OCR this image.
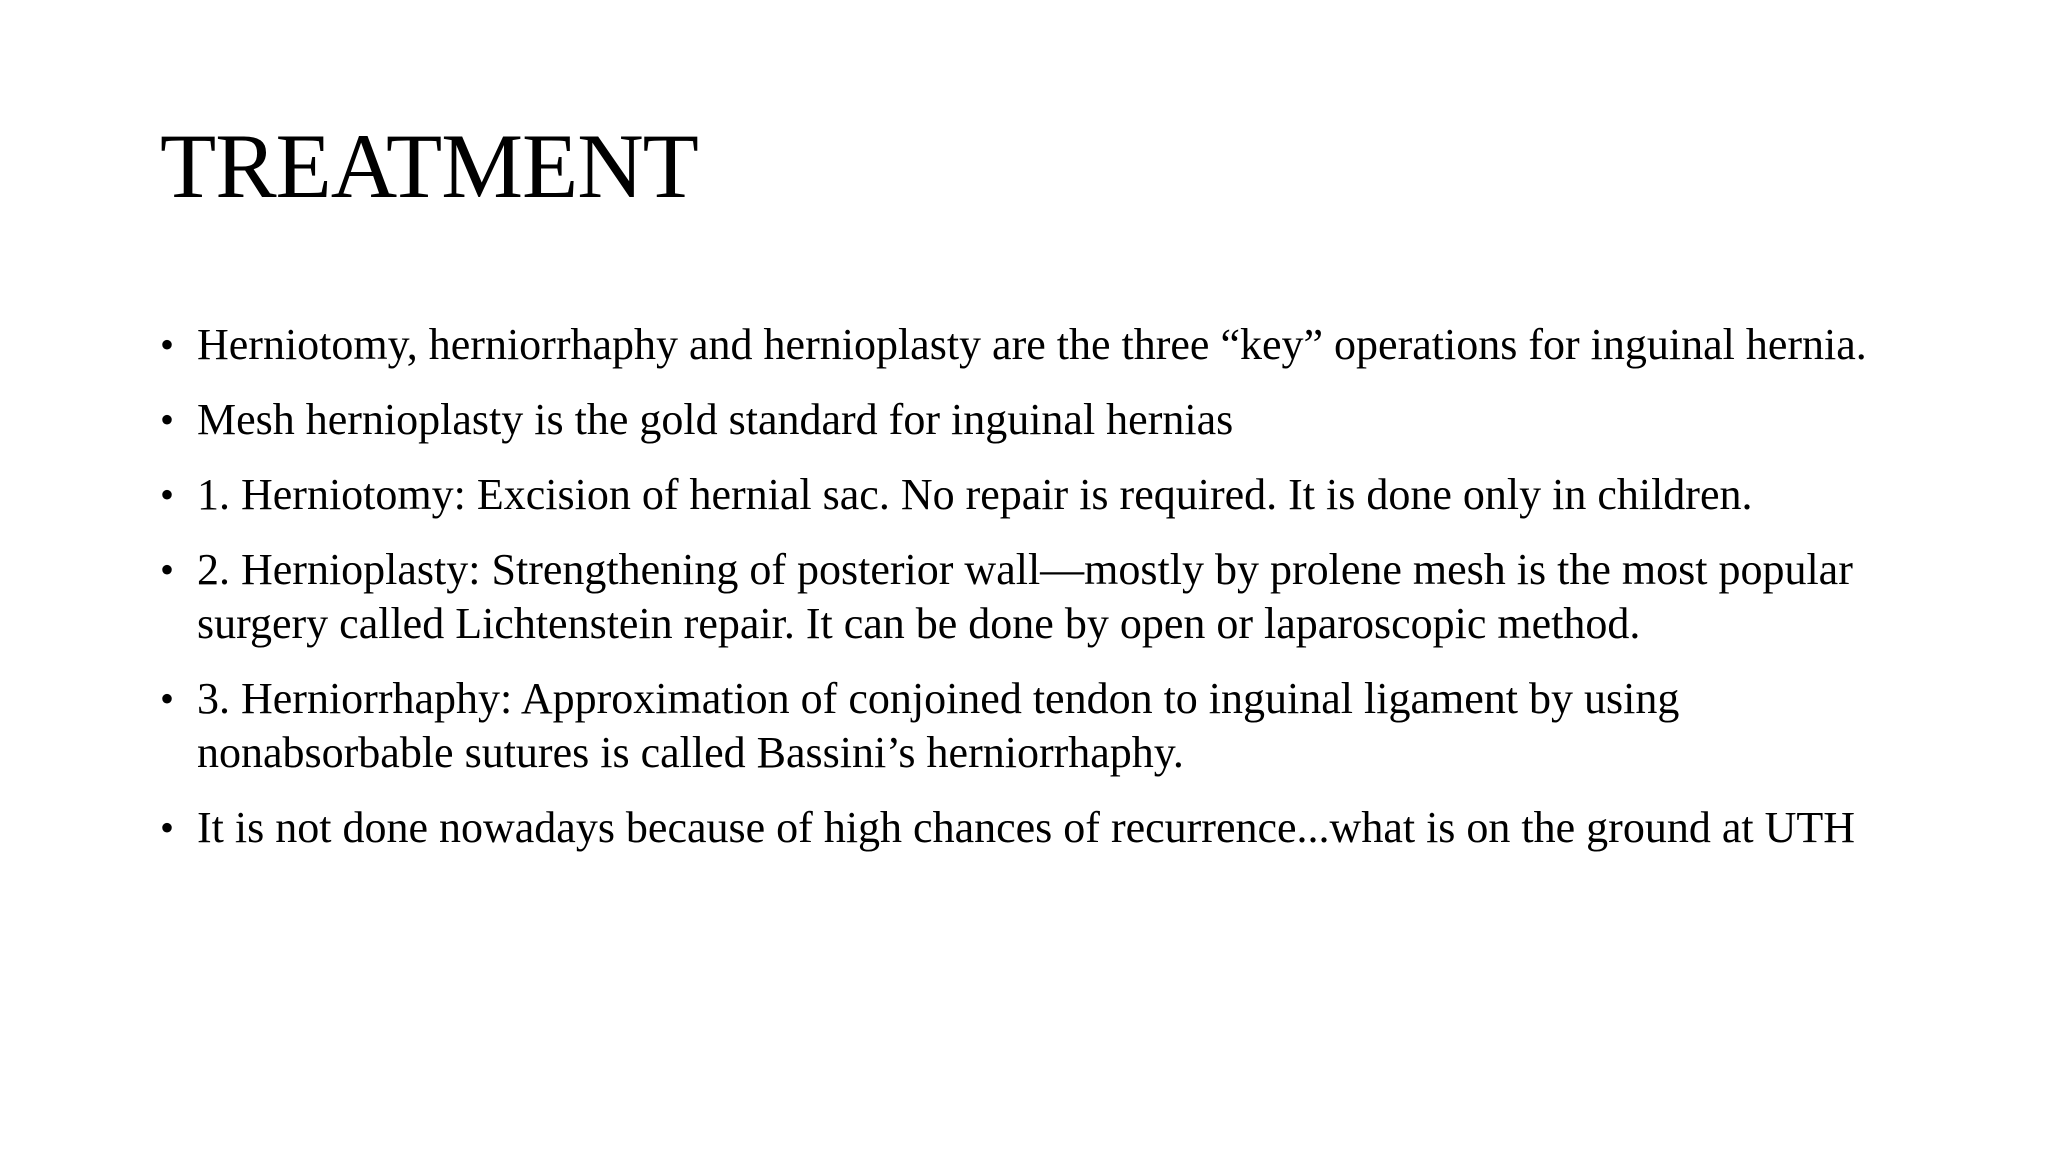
TREATMENT
• Herniotomy, herniorrhaphy and hernioplasty are the three “key” operations for inguinal hernia.
• Mesh hernioplasty is the gold standard for inguinal hernias
• 1. Herniotomy: Excision of hernial sac. No repair is required. It is done only in children.
• 2. Hernioplasty: Strengthening of posterior wall—mostly by prolene mesh is the most popular surgery called Lichtenstein repair. It can be done by open or laparoscopic method.
• 3. Herniorrhaphy: Approximation of conjoined tendon to inguinal ligament by using nonabsorbable sutures is called Bassini’s herniorrhaphy.
• It is not done nowadays because of high chances of recurrence...what is on the ground at UTH
